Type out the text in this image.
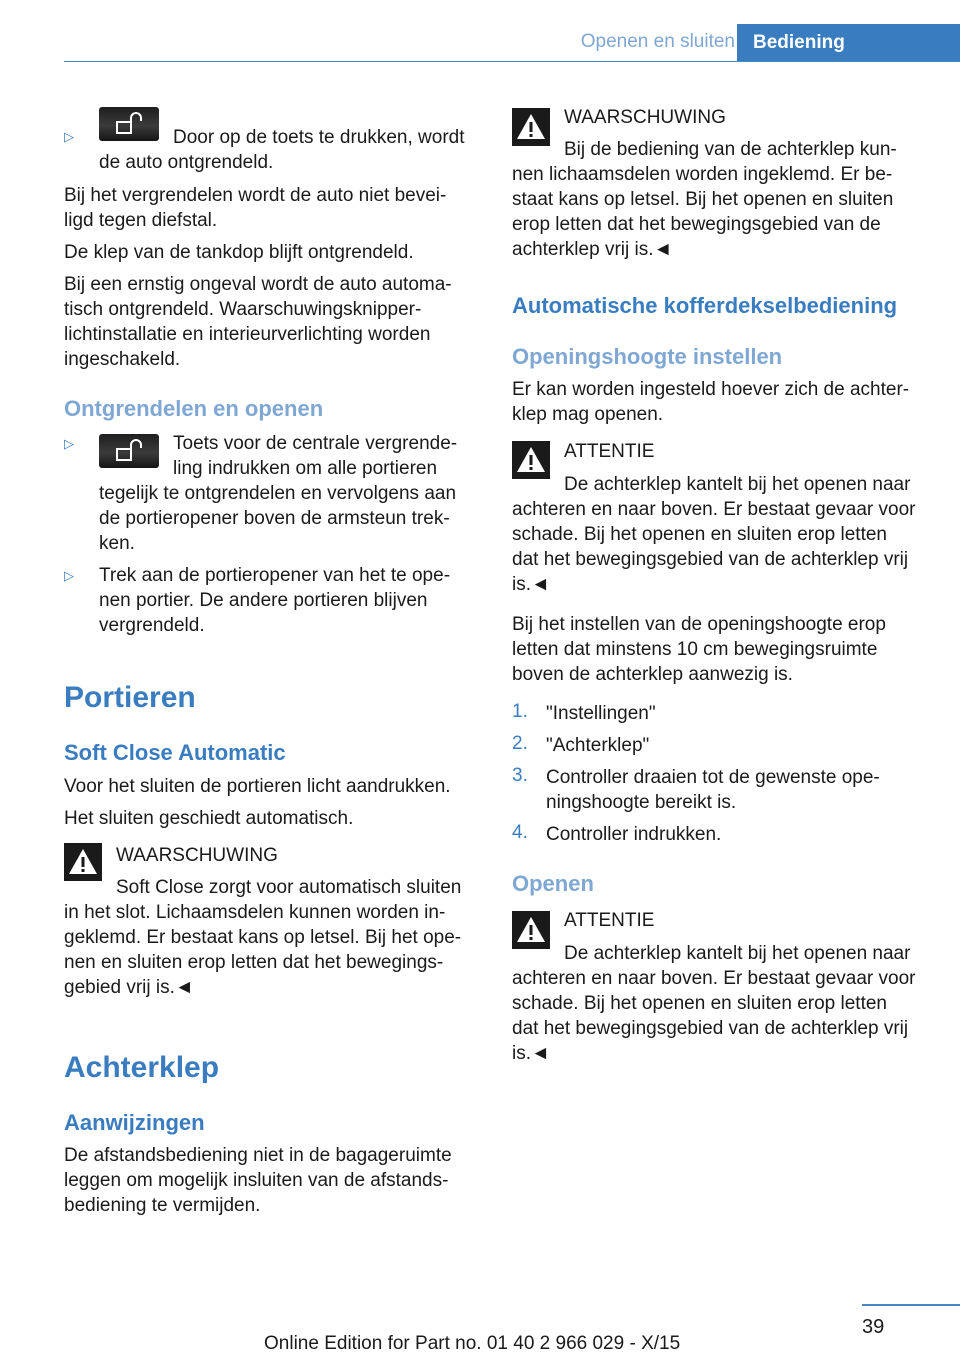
Openen en sluiten Bediening
▷	Door op de toets te drukken, wordt

de auto ontgrendeld.

Bij het vergrendelen wordt de auto niet bevei-

ligd tegen diefstal.

De klep van de tankdop blijft ontgrendeld.

Bij een ernstig ongeval wordt de auto automa-

tisch ontgrendeld. Waarschuwingsknipper-

lichtinstallatie en interieurverlichting worden

ingeschakeld.

Ontgrendelen en openen
▷	Toets voor de centrale vergrende-

ling indrukken om alle portieren

tegelijk te ontgrendelen en vervolgens aan

de portieropener boven de armsteun trek-

ken.

▷ Trek aan de portieropener van het te ope-

nen portier. De andere portieren blijven

vergrendeld.

Portieren
Soft Close Automatic

Voor het sluiten de portieren licht aandrukken.

Het sluiten geschiedt automatisch.

WAARSCHUWING

Soft Close zorgt voor automatisch sluiten

in het slot. Lichaamsdelen kunnen worden in-

geklemd. Er bestaat kans op letsel. Bij het ope-

nen en sluiten erop letten dat het bewegings-

gebied vrij is.◄

Achterklep
Aanwijzingen

De afstandsbediening niet in de bagageruimte

leggen om mogelijk insluiten van de afstands-

bediening te vermijden.

WAARSCHUWING

Bij de bediening van de achterklep kun-

nen lichaamsdelen worden ingeklemd. Er be-

staat kans op letsel. Bij het openen en sluiten

erop letten dat het bewegingsgebied van de

achterklep vrij is.◄

Automatische kofferdekselbediening
Openingshoogte instellen

Er kan worden ingesteld hoever zich de achter-

klep mag openen.

ATTENTIE

De achterklep kantelt bij het openen naar

achteren en naar boven. Er bestaat gevaar voor

schade. Bij het openen en sluiten erop letten

dat het bewegingsgebied van de achterklep vrij

is.◄

Bij het instellen van de openingshoogte erop

letten dat minstens 10 cm bewegingsruimte

boven de achterklep aanwezig is.

1. "Instellingen"

2. "Achterklep"

3. Controller draaien tot de gewenste ope-

ningshoogte bereikt is.

4. Controller indrukken.

Openen

ATTENTIE

De achterklep kantelt bij het openen naar

achteren en naar boven. Er bestaat gevaar voor

schade. Bij het openen en sluiten erop letten

dat het bewegingsgebied van de achterklep vrij

is.◄

39
Online Edition for Part no. 01 40 2 966 029 - X/15
